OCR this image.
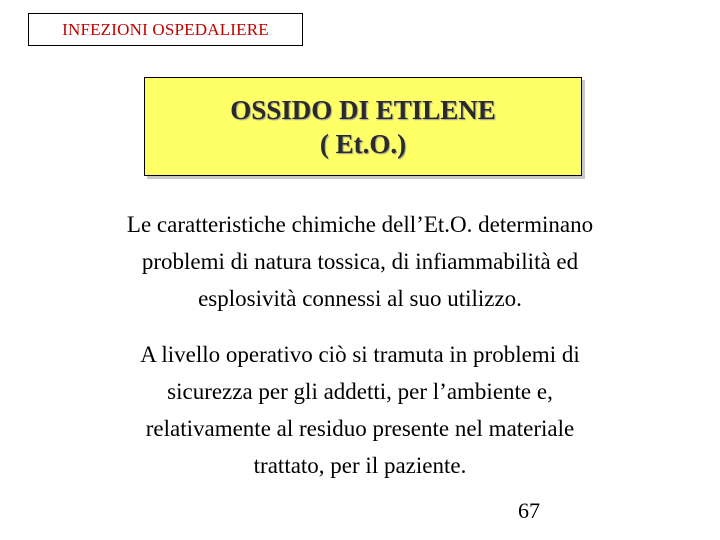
INFEZIONI OSPEDALIERE
OSSIDO DI ETILENE
( Et.O.)

Le caratteristiche chimiche dell’Et.O. determinano
problemi di natura tossica, di infiammabilità ed
esplosività connessi al suo utilizzo.

A livello operativo ciò si tramuta in problemi di
sicurezza per gli addetti, per l’ambiente e,
relativamente al residuo presente nel materiale
trattato, per il paziente.

67
